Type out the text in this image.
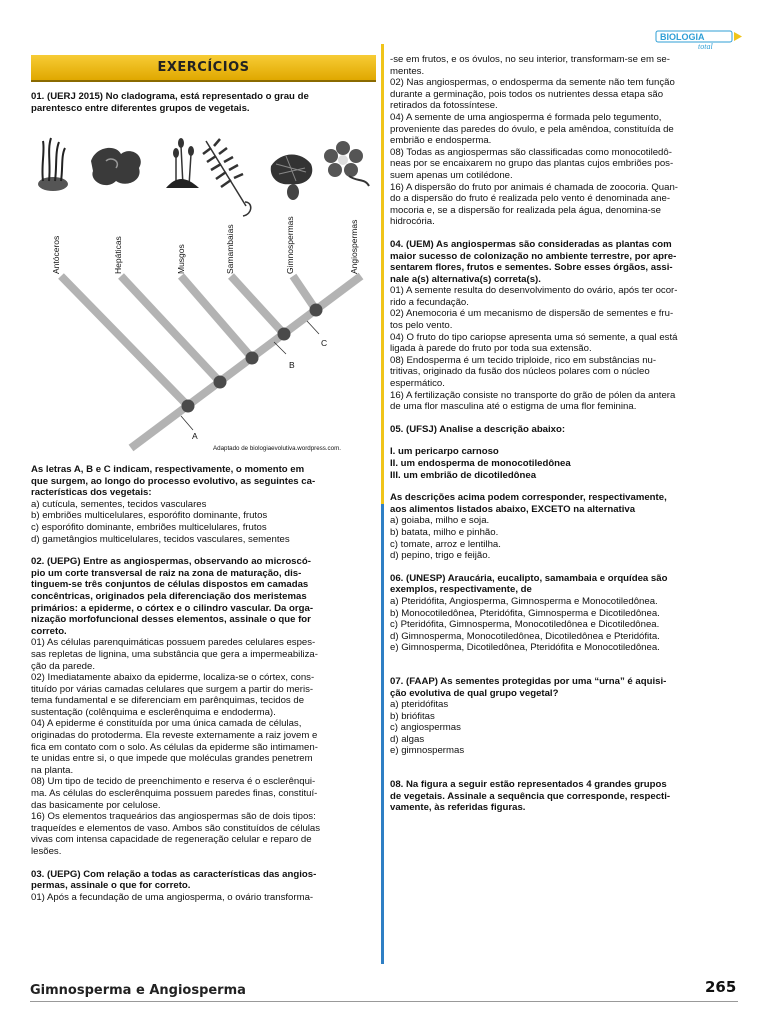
BIOLOGIA
total
EXERCÍCIOS

01. (UERJ 2015) No cladograma, está representado o grau de

parentesco entre diferentes grupos de vegetais.

Antóceros	Hepáticas	Musgos	Samambaias	Gimnospermas	Angiospermas
A
B
C
Adaptado de biologiaevolutiva.wordpress.com.

As letras A, B e C indicam, respectivamente, o momento em

que surgem, ao longo do processo evolutivo, as seguintes ca-

racterísticas dos vegetais:

a) cutícula, sementes, tecidos vasculares

b) embriões multicelulares, esporófito dominante, frutos

c) esporófito dominante, embriões multicelulares, frutos

d) gametângios multicelulares, tecidos vasculares, sementes

02. (UEPG) Entre as angiospermas, observando ao microscó-

pio um corte transversal de raiz na zona de maturação, dis-

tinguem-se três conjuntos de células dispostos em camadas

concêntricas, originados pela diferenciação dos meristemas

primários: a epiderme, o córtex e o cilindro vascular. Da orga-

nização morfofuncional desses elementos, assinale o que for

correto.

01) As células parenquimáticas possuem paredes celulares espes-

sas repletas de lignina, uma substância que gera a impermeabiliza-

ção da parede.

02) Imediatamente abaixo da epiderme, localiza-se o córtex, cons-

tituído por várias camadas celulares que surgem a partir do meris-

tema fundamental e se diferenciam em parênquimas, tecidos de

sustentação (colênquima e esclerênquima e endoderma).

04) A epiderme é constituída por uma única camada de células,

originadas do protoderma. Ela reveste externamente a raiz jovem e

fica em contato com o solo. As células da epiderme são intimamen-

te unidas entre si, o que impede que moléculas grandes penetrem

na planta.

08) Um tipo de tecido de preenchimento e reserva é o esclerênqui-

ma. As células do esclerênquima possuem paredes finas, constituí-

das basicamente por celulose.

16) Os elementos traqueários das angiospermas são de dois tipos:

traqueídes e elementos de vaso. Ambos são constituídos de células

vivas com intensa capacidade de regeneração celular e reparo de

lesões.

03. (UEPG) Com relação a todas as características das angios-

permas, assinale o que for correto.

01) Após a fecundação de uma angiosperma, o ovário transforma-

-se em frutos, e os óvulos, no seu interior, transformam-se em se-

mentes.

02) Nas angiospermas, o endosperma da semente não tem função

durante a germinação, pois todos os nutrientes dessa etapa são

retirados da fotossíntese.

04) A semente de uma angiosperma é formada pelo tegumento,

proveniente das paredes do óvulo, e pela amêndoa, constituída de

embrião e endosperma.

08) Todas as angiospermas são classificadas como monocotiledô-

neas por se encaixarem no grupo das plantas cujos embriões pos-

suem apenas um cotilédone.

16) A dispersão do fruto por animais é chamada de zoocoria. Quan-

do a dispersão do fruto é realizada pelo vento é denominada ane-

mocoria e, se a dispersão for realizada pela água, denomina-se

hidrocória.

04. (UEM) As angiospermas são consideradas as plantas com

maior sucesso de colonização no ambiente terrestre, por apre-

sentarem flores, frutos e sementes. Sobre esses órgãos, assi-

nale a(s) alternativa(s) correta(s).

01) A semente resulta do desenvolvimento do ovário, após ter ocor-

rido a fecundação.

02) Anemocoria é um mecanismo de dispersão de sementes e fru-

tos pelo vento.

04) O fruto do tipo cariopse apresenta uma só semente, a qual está

ligada à parede do fruto por toda sua extensão.

08) Endosperma é um tecido triploide, rico em substâncias nu-

tritivas, originado da fusão dos núcleos polares com o núcleo

espermático.

16) A fertilização consiste no transporte do grão de pólen da antera

de uma flor masculina até o estigma de uma flor feminina.

05. (UFSJ) Analise a descrição abaixo:

I. um pericarpo carnoso

II. um endosperma de monocotiledônea

III. um embrião de dicotiledônea

As descrições acima podem corresponder, respectivamente,

aos alimentos listados abaixo, EXCETO na alternativa

a) goiaba, milho e soja.

b) batata, milho e pinhão.

c) tomate, arroz e lentilha.

d) pepino, trigo e feijão.

06. (UNESP) Araucária, eucalipto, samambaia e orquídea são

exemplos, respectivamente, de

a) Pteridófita, Angiosperma, Gimnosperma e Monocotiledônea.

b) Monocotiledônea, Pteridófita, Gimnosperma e Dicotiledônea.

c) Pteridófita, Gimnosperma, Monocotiledônea e Dicotiledônea.

d) Gimnosperma, Monocotiledônea, Dicotiledônea e Pteridófita.

e) Gimnosperma, Dicotiledônea, Pteridófita e Monocotiledônea.

07. (FAAP) As sementes protegidas por uma “urna” é aquisi-

ção evolutiva de qual grupo vegetal?

a) pteridófitas

b) briófitas

c) angiospermas

d) algas

e) gimnospermas

08. Na figura a seguir estão representados 4 grandes grupos

de vegetais. Assinale a sequência que corresponde, respecti-

vamente, às referidas figuras.

Gimnosperma e Angiosperma	265
